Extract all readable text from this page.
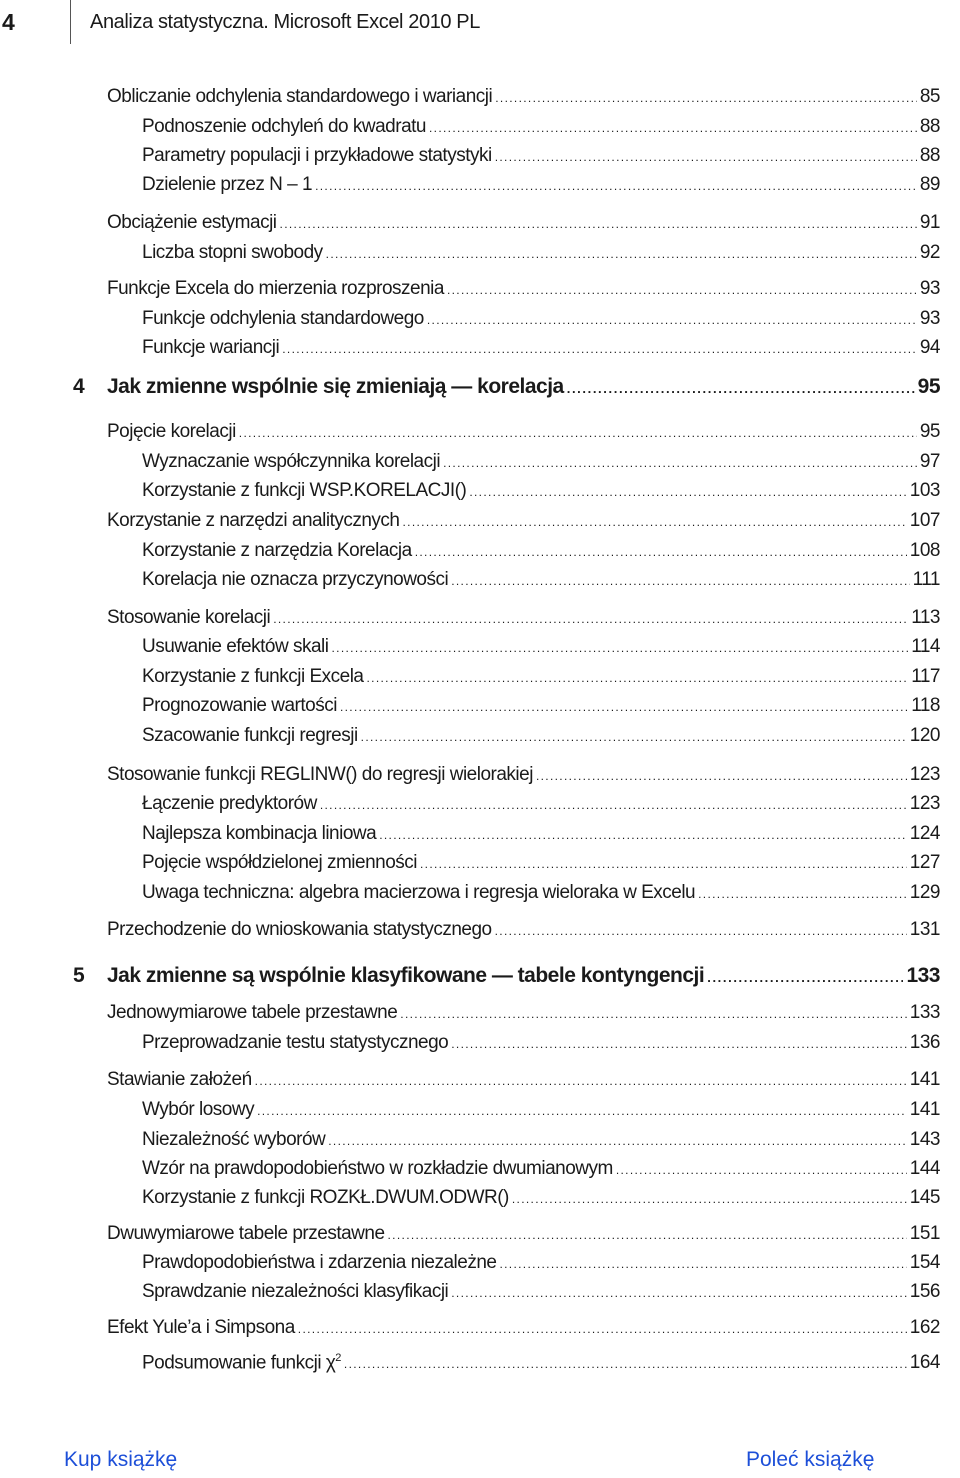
4	Analiza statystyczna. Microsoft Excel 2010 PL
Obliczanie odchylenia standardowego i wariancji . . .	85
Podnoszenie odchyleń do kwadratu . . .	88
Parametry populacji i przykładowe statystyki . . .	88
Dzielenie przez N – 1 . . .	89
Obciążenie estymacji . . .	91
Liczba stopni swobody . . .	92
Funkcje Excela do mierzenia rozproszenia . . .	93
Funkcje odchylenia standardowego . . .	93
Funkcje wariancji . . .	94
4 Jak zmienne wspólnie się zmieniają — korelacja . . .	95
Pojęcie korelacji . . .	95
Wyznaczanie współczynnika korelacji . . .	97
Korzystanie z funkcji WSP.KORELACJI() . . .	103
Korzystanie z narzędzi analitycznych . . .	107
Korzystanie z narzędzia Korelacja . . .	108
Korelacja nie oznacza przyczynowości . . .	111
Stosowanie korelacji . . .	113
Usuwanie efektów skali . . .	114
Korzystanie z funkcji Excela . . .	117
Prognozowanie wartości . . .	118
Szacowanie funkcji regresji . . .	120
Stosowanie funkcji REGLINW() do regresji wielorakiej . . .	123
Łączenie predyktorów . . .	123
Najlepsza kombinacja liniowa . . .	124
Pojęcie współdzielonej zmienności . . .	127
Uwaga techniczna: algebra macierzowa i regresja wieloraka w Excelu . . .	129
Przechodzenie do wnioskowania statystycznego . . .	131
5 Jak zmienne są wspólnie klasyfikowane — tabele kontyngencji . . .	133
Jednowymiarowe tabele przestawne . . .	133
Przeprowadzanie testu statystycznego . . .	136
Stawianie założeń . . .	141
Wybór losowy . . .	141
Niezależność wyborów . . .	143
Wzór na prawdopodobieństwo w rozkładzie dwumianowym . . .	144
Korzystanie z funkcji ROZKŁ.DWUM.ODWR() . . .	145
Dwuwymiarowe tabele przestawne . . .	151
Prawdopodobieństwa i zdarzenia niezależne . . .	154
Sprawdzanie niezależności klasyfikacji . . .	156
Efekt Yule’a i Simpsona . . .	162
Podsumowanie funkcji $\chi^2$ . . .	164
Kup książkę	Poleć książkę
